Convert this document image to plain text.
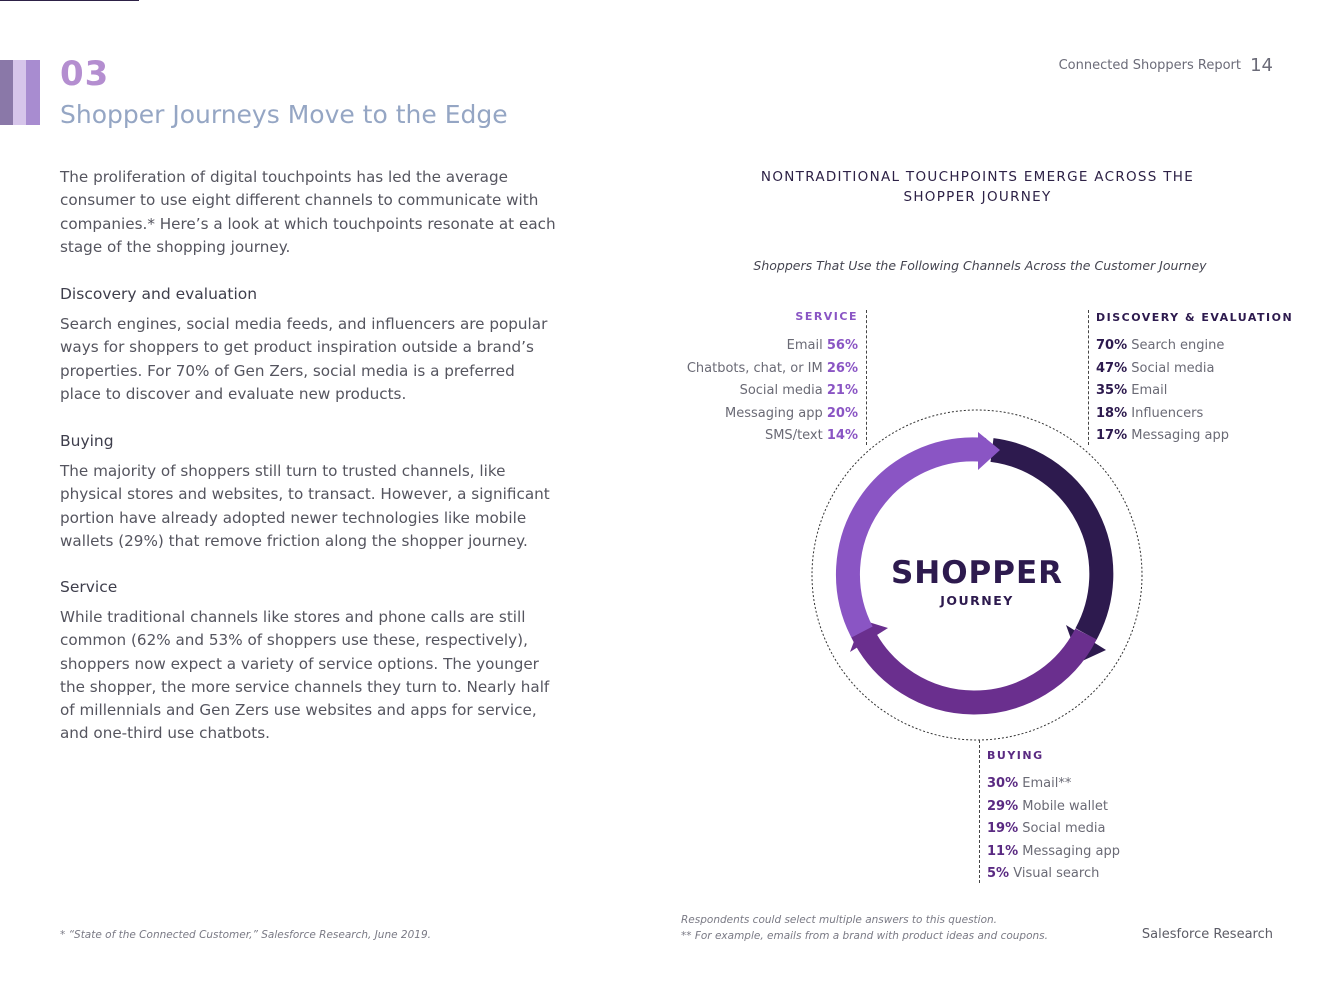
03
Shopper Journeys Move to the Edge
Connected Shoppers Report 14

The proliferation of digital touchpoints has led the average consumer to use eight different channels to communicate with companies.* Here’s a look at which touchpoints resonate at each stage of the shopping journey.

Discovery and evaluation

Search engines, social media feeds, and influencers are popular ways for shoppers to get product inspiration outside a brand’s properties. For 70% of Gen Zers, social media is a preferred place to discover and evaluate new products.

Buying

The majority of shoppers still turn to trusted channels, like physical stores and websites, to transact. However, a significant portion have already adopted newer technologies like mobile wallets (29%) that remove friction along the shopper journey.

Service

While traditional channels like stores and phone calls are still common (62% and 53% of shoppers use these, respectively), shoppers now expect a variety of service options. The younger the shopper, the more service channels they turn to. Nearly half of millennials and Gen Zers use websites and apps for service, and one-third use chatbots.

NONTRADITIONAL TOUCHPOINTS EMERGE ACROSS THE SHOPPER JOURNEY
Shoppers That Use the Following Channels Across the Customer Journey
SHOPPER
JOURNEY
SERVICE
Email 56%
Chatbots, chat, or IM 26%
Social media 21%
Messaging app 20%
SMS/text 14%
DISCOVERY & EVALUATION
70% Search engine
47% Social media
35% Email
18% Influencers
17% Messaging app
BUYING
30% Email**
29% Mobile wallet
19% Social media
11% Messaging app
5% Visual search
* “State of the Connected Customer,” Salesforce Research, June 2019.
Respondents could select multiple answers to this question.
** For example, emails from a brand with product ideas and coupons.	Salesforce Research
